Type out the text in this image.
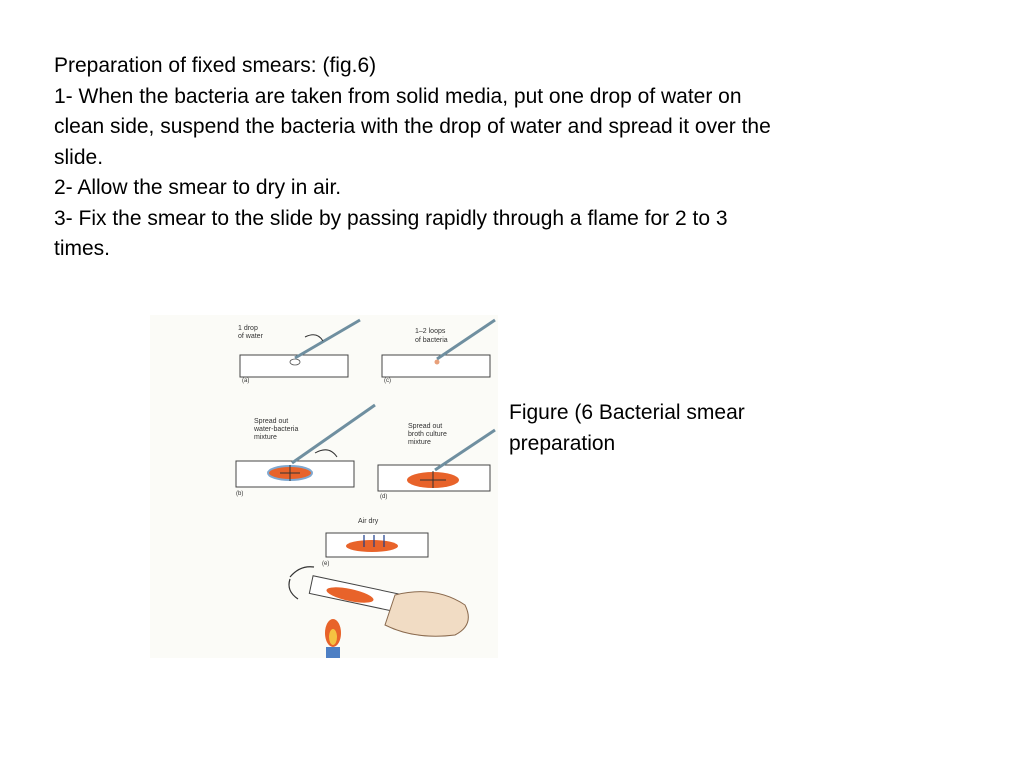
Preparation of fixed smears: (fig.6)

1- When the bacteria are taken from solid media, put one drop of water on clean side, suspend the bacteria with the drop of water and spread it over the slide.

2- Allow the smear to dry in air.

3- Fix the smear to the slide by passing rapidly through a flame for 2 to 3 times.

1 drop
of water
(a)
1–2 loops
of bacteria
(c)
Spread out
water-bacteria
mixture
(b)
Spread out
broth culture
mixture
(d)
Air dry
(e)
Figure (6 Bacterial smear preparation
